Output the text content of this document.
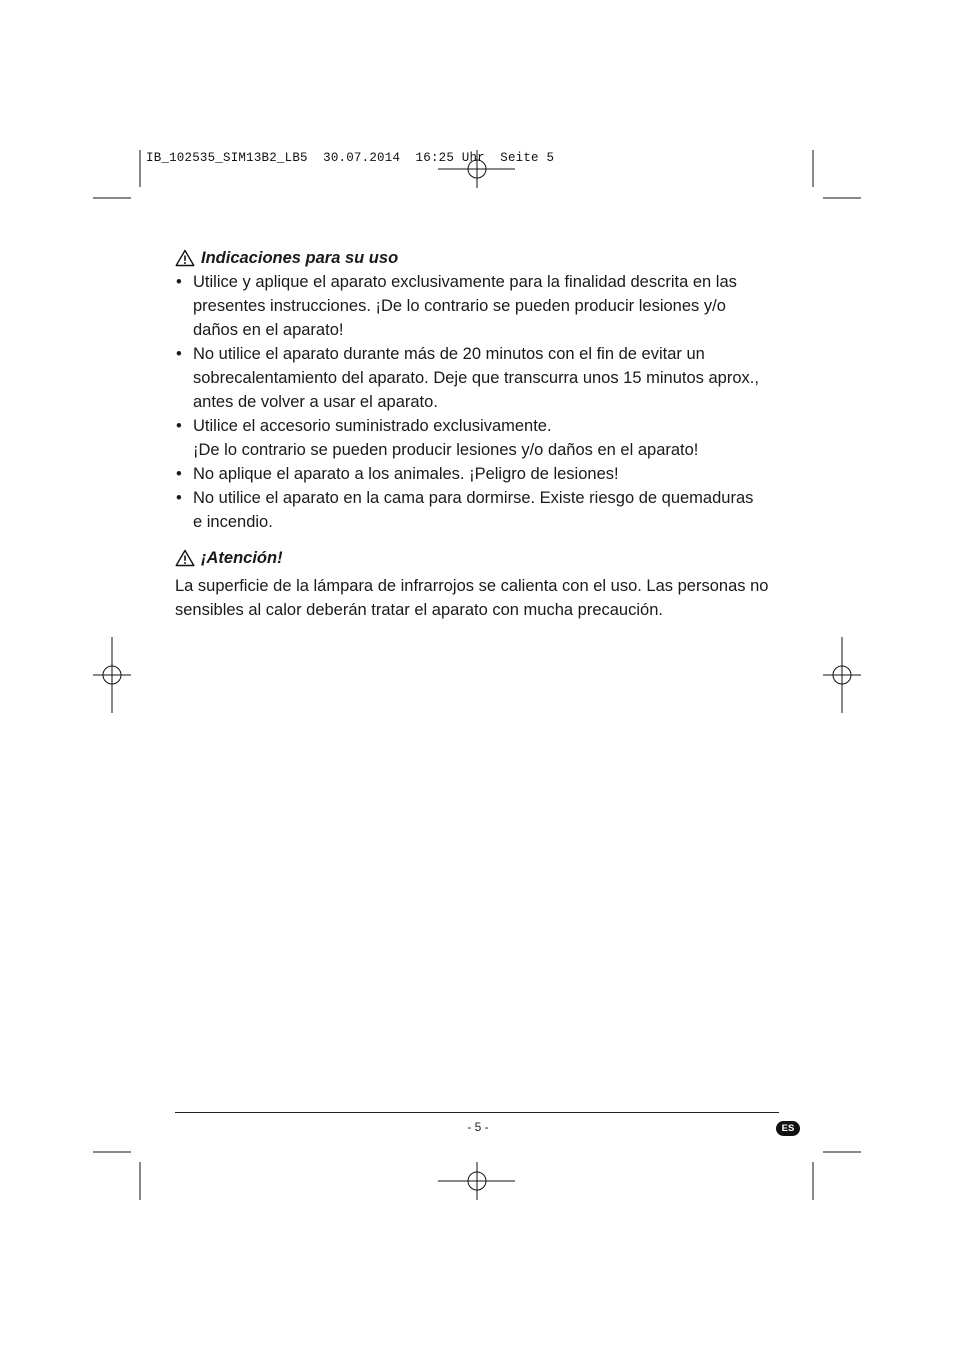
IB_102535_SIM13B2_LB5  30.07.2014  16:25 Uhr  Seite 5
Indicaciones para su uso
• Utilice y aplique el aparato exclusivamente para la finalidad descrita en las
presentes instrucciones. ¡De lo contrario se pueden producir lesiones y/o
daños en el aparato!
• No utilice el aparato durante más de 20 minutos con el fin de evitar un
sobrecalentamiento del aparato. Deje que transcurra unos 15 minutos aprox.,
antes de volver a usar el aparato.
• Utilice el accesorio suministrado exclusivamente.
¡De lo contrario se pueden producir lesiones y/o daños en el aparato!
• No aplique el aparato a los animales. ¡Peligro de lesiones!
• No utilice el aparato en la cama para dormirse. Existe riesgo de quemaduras
e incendio.
¡Atención!
La superficie de la lámpara de infrarrojos se calienta con el uso. Las personas no
sensibles al calor deberán tratar el aparato con mucha precaución.
- 5 -	ES
